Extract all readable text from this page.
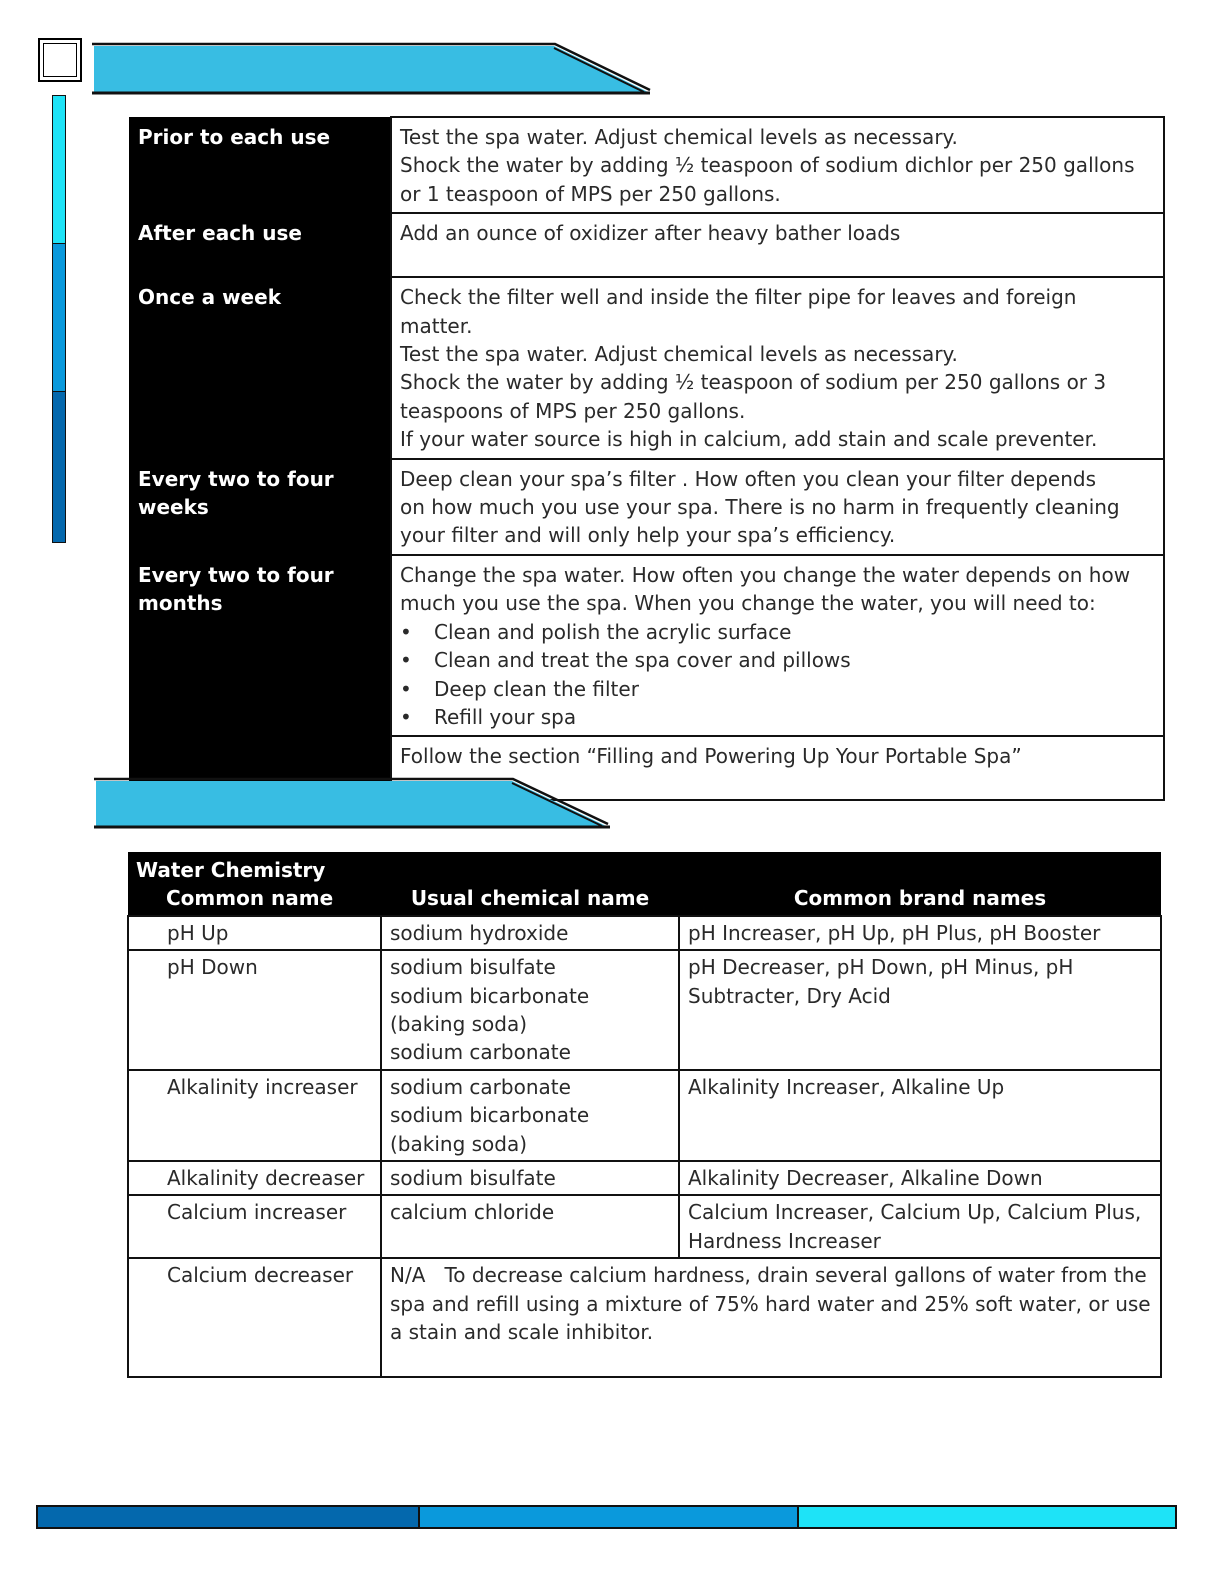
Prior to each use	Test the spa water. Adjust chemical levels as necessary.
Shock the water by adding ½ teaspoon of sodium dichlor per 250 gallons or 1 teaspoon of MPS per 250 gallons.

After each use	Add an ounce of oxidizer after heavy bather loads

Once a week	Check the filter well and inside the filter pipe for leaves and foreign matter.
Test the spa water. Adjust chemical levels as necessary.
Shock the water by adding ½ teaspoon of sodium per 250 gallons or 3 teaspoons of MPS per 250 gallons.
If your water source is high in calcium, add stain and scale preventer.

Every two to four weeks	Deep clean your spa’s filter . How often you clean your filter depends
on how much you use your spa. There is no harm in frequently cleaning your filter and will only help your spa’s efficiency.

Every two to four months	Change the spa water. How often you change the water depends on how much you use the spa. When you change the water, you will need to:
• Clean and polish the acrylic surface
• Clean and treat the spa cover and pillows
• Deep clean the filter
• Refill your spa

	Follow the section “Filling and Powering Up Your Portable Spa”
Water Chemistry		
Common name	Usual chemical name	Common brand names
pH Up	sodium hydroxide	pH Increaser, pH Up, pH Plus, pH Booster

pH Down	sodium bisulfate
sodium bicarbonate (baking soda)
sodium carbonate	pH Decreaser, pH Down, pH Minus, pH Subtracter, Dry Acid

Alkalinity increaser	sodium carbonate
sodium bicarbonate (baking soda)	Alkalinity Increaser, Alkaline Up

Alkalinity decreaser	sodium bisulfate	Alkalinity Decreaser, Alkaline Down

Calcium increaser	calcium chloride	Calcium Increaser, Calcium Up, Calcium Plus, Hardness Increaser

Calcium decreaser	N/A   To decrease calcium hardness, drain several gallons of water from the spa and refill using a mixture of 75% hard water and 25% soft water, or use a stain and scale inhibitor.	
